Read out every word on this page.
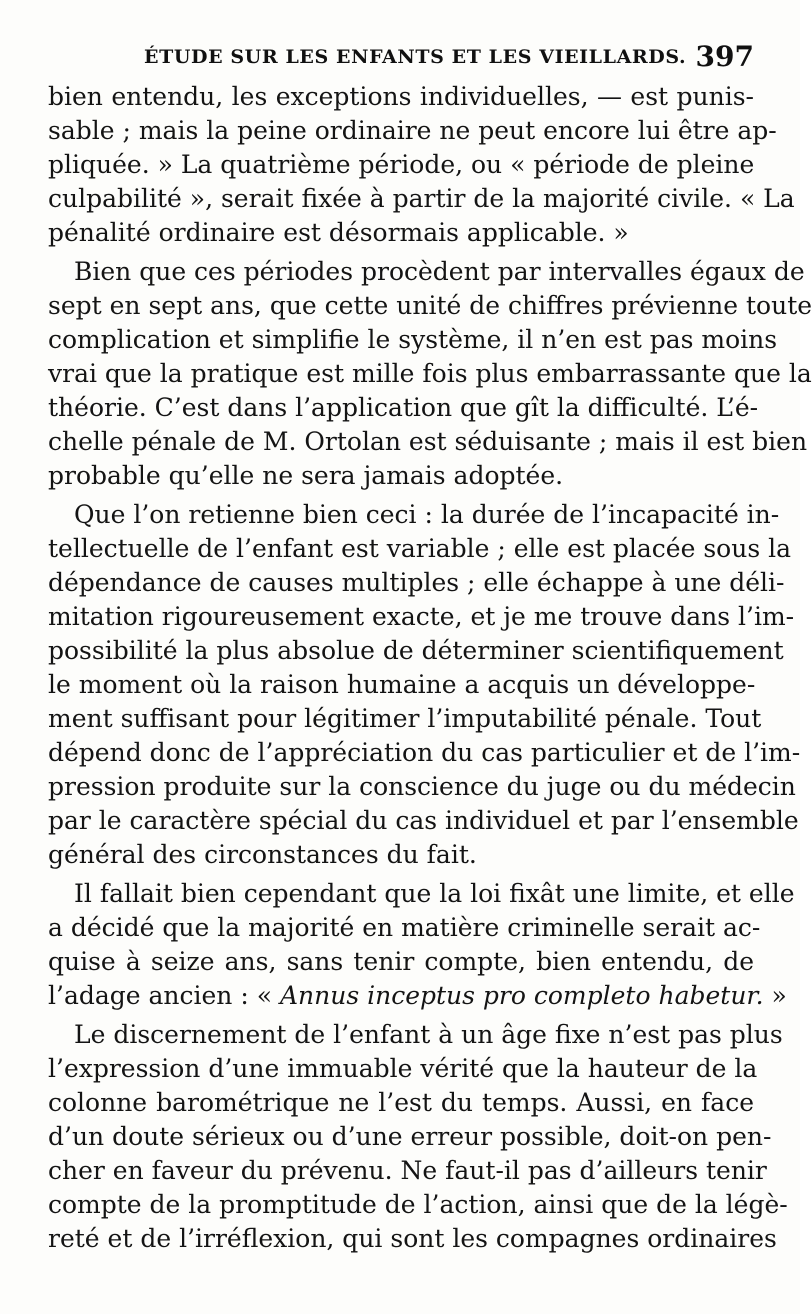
ÉTUDE SUR LES ENFANTS ET LES VIEILLARDS. 397
bien entendu, les exceptions individuelles, — est punis-
sable ; mais la peine ordinaire ne peut encore lui être ap-
pliquée. » La quatrième période, ou « période de pleine
culpabilité », serait fixée à partir de la majorité civile. « La
pénalité ordinaire est désormais applicable. »
Bien que ces périodes procèdent par intervalles égaux de
sept en sept ans, que cette unité de chiffres prévienne toute
complication et simplifie le système, il n’en est pas moins
vrai que la pratique est mille fois plus embarrassante que la
théorie. C’est dans l’application que gît la difficulté. L’é-
chelle pénale de M. Ortolan est séduisante ; mais il est bien
probable qu’elle ne sera jamais adoptée.
Que l’on retienne bien ceci : la durée de l’incapacité in-
tellectuelle de l’enfant est variable ; elle est placée sous la
dépendance de causes multiples ; elle échappe à une déli-
mitation rigoureusement exacte, et je me trouve dans l’im-
possibilité la plus absolue de déterminer scientifiquement
le moment où la raison humaine a acquis un développe-
ment suffisant pour légitimer l’imputabilité pénale. Tout
dépend donc de l’appréciation du cas particulier et de l’im-
pression produite sur la conscience du juge ou du médecin
par le caractère spécial du cas individuel et par l’ensemble
général des circonstances du fait.
Il fallait bien cependant que la loi fixât une limite, et elle
a décidé que la majorité en matière criminelle serait ac-
quise à seize ans, sans tenir compte, bien entendu, de
l’adage ancien : « Annus inceptus pro completo habetur. »
Le discernement de l’enfant à un âge fixe n’est pas plus
l’expression d’une immuable vérité que la hauteur de la
colonne barométrique ne l’est du temps. Aussi, en face
d’un doute sérieux ou d’une erreur possible, doit-on pen-
cher en faveur du prévenu. Ne faut-il pas d’ailleurs tenir
compte de la promptitude de l’action, ainsi que de la légè-
reté et de l’irréflexion, qui sont les compagnes ordinaires
